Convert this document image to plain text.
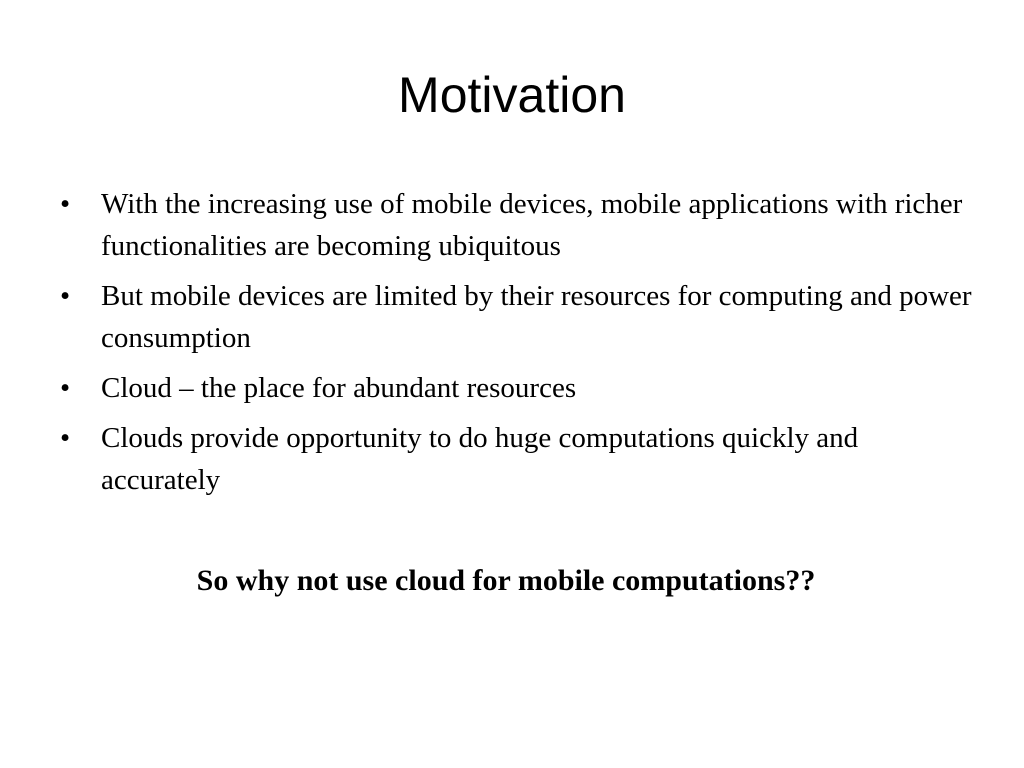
Motivation
•	With the increasing use of mobile devices, mobile applications with richer functionalities are becoming ubiquitous
•	But mobile devices are limited by their resources for computing and power consumption
•	Cloud – the place for abundant resources
•	Clouds provide opportunity to do huge computations quickly and accurately

So why not use cloud for mobile computations??
